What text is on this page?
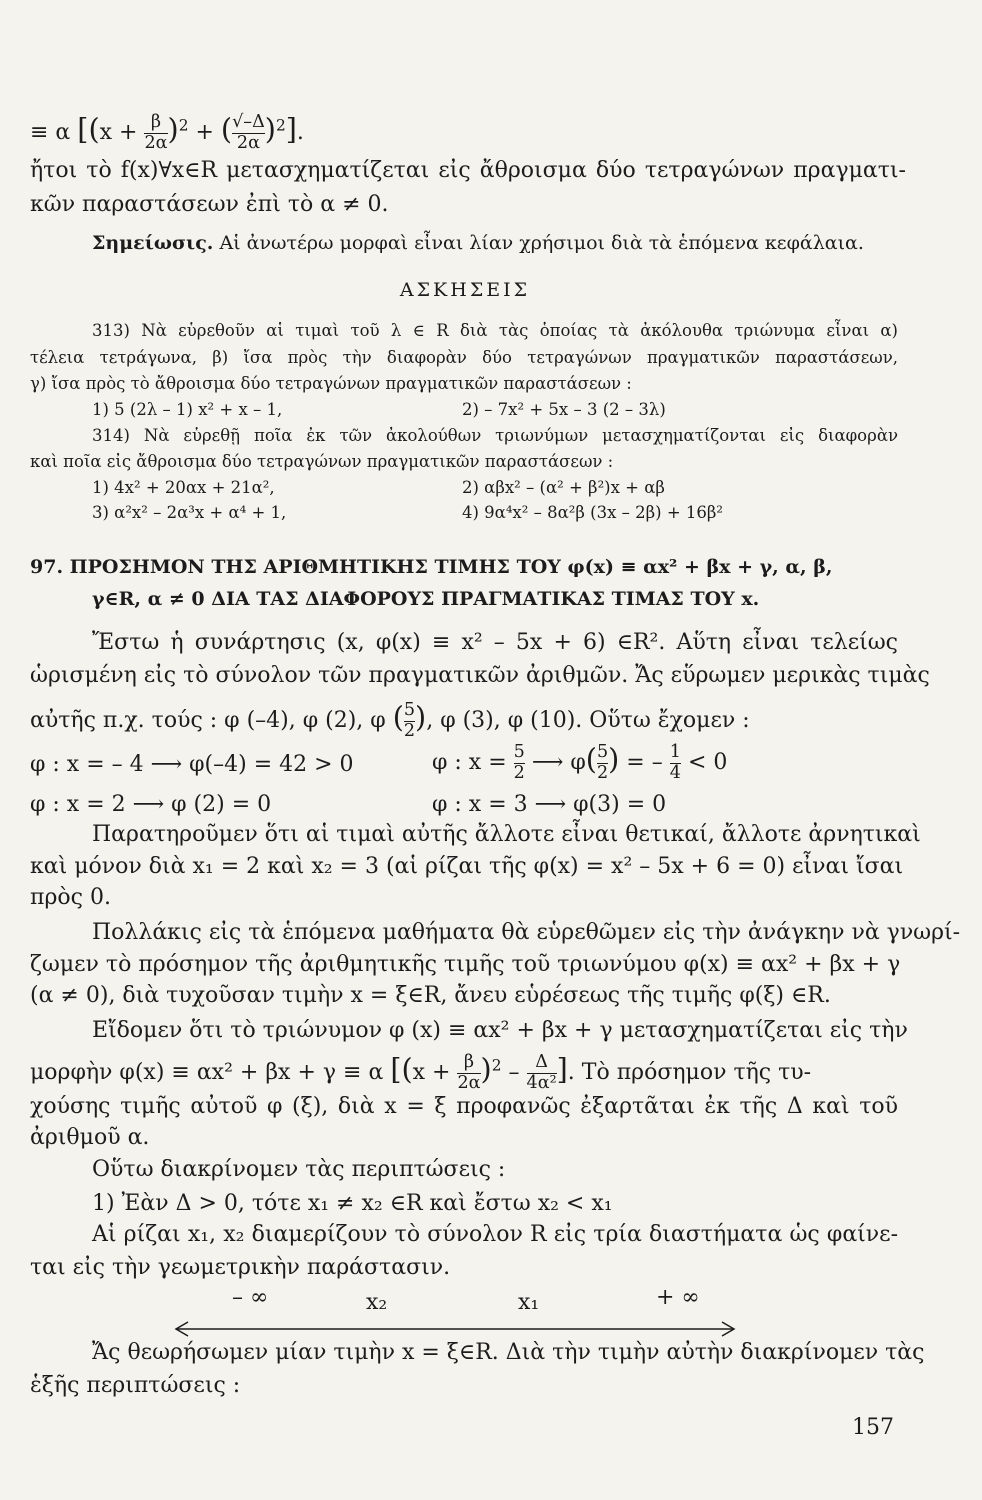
≡ α [$(x + \frac{\beta}{2\alpha} )^2$ + ( $\frac{√-\Delta}{2\alpha} )^2$].
ἤτοι τὸ f(x)∀x∈R μετασχηματίζεται εἰς ἄθροισμα δύο τετραγώνων πραγματι-
κῶν παραστάσεων ἐπὶ τὸ α ≠ 0.
Σημείωσις. Αἱ ἀνωτέρω μορφαὶ εἶναι λίαν χρήσιμοι διὰ τὰ ἑπόμενα κεφάλαια.
ΑΣΚΗΣΕΙΣ
313) Νὰ εὑρεθοῦν αἱ τιμαὶ τοῦ λ ∈ R διὰ τὰς ὁποίας τὰ ἀκόλουθα τριώνυμα εἶναι α)
τέλεια τετράγωνα, β) ἴσα πρὸς τὴν διαφορὰν δύο τετραγώνων πραγματικῶν παραστάσεων,
γ) ἴσα πρὸς τὸ ἄθροισμα δύο τετραγώνων πραγματικῶν παραστάσεων :
1) 5 (2λ – 1) x² + x – 1,	2) – 7x² + 5x – 3 (2 – 3λ)
314) Νὰ εὑρεθῇ ποῖα ἐκ τῶν ἀκολούθων τριωνύμων μετασχηματίζονται εἰς διαφορὰν
καὶ ποῖα εἰς ἄθροισμα δύο τετραγώνων πραγματικῶν παραστάσεων :
1) 4x² + 20αx + 21α²,	2) αβx² – (α² + β²)x + αβ
3) α²x² – 2α³x + α⁴ + 1,	4) 9α⁴x² – 8α²β (3x – 2β) + 16β²
97. ΠΡΟΣΗΜΟΝ ΤΗΣ ΑΡΙΘΜΗΤΙΚΗΣ ΤΙΜΗΣ ΤΟΥ φ(x) ≡ αx² + βx + γ, α, β,
γ∈R, α ≠ 0 ΔΙΑ ΤΑΣ ΔΙΑΦΟΡΟΥΣ ΠΡΑΓΜΑΤΙΚΑΣ ΤΙΜΑΣ ΤΟΥ x.
Ἔστω ἡ συνάρτησις (x, φ(x) ≡ x² – 5x + 6) ∈R². Αὕτη εἶναι τελείως
ὡρισμένη εἰς τὸ σύνολον τῶν πραγματικῶν ἀριθμῶν. Ἄς εὕρωμεν μερικὰς τιμὰς
αὐτῆς π.χ. τούς : φ (–4), φ (2), φ ( $\frac{5}{2}$ ), φ (3), φ (10). Οὕτω ἔχομεν :
φ : x = – 4 ⟶ φ(–4) = 42 > 0	φ : $x = \frac{5}{2}$ ⟶ $\varphi( \frac{5}{2}$ ) = – $\frac{1}{4} < 0$
φ : x = 2 ⟶ φ (2) = 0	φ : x = 3 ⟶ φ(3) = 0
Παρατηροῦμεν ὅτι αἱ τιμαὶ αὐτῆς ἄλλοτε εἶναι θετικαί, ἄλλοτε ἀρνητικαὶ
καὶ μόνον διὰ x₁ = 2 καὶ x₂ = 3 (αἱ ρίζαι τῆς φ(x) = x² – 5x + 6 = 0) εἶναι ἴσαι
πρὸς 0.
Πολλάκις εἰς τὰ ἑπόμενα μαθήματα θὰ εὑρεθῶμεν εἰς τὴν ἀνάγκην νὰ γνωρί-
ζωμεν τὸ πρόσημον τῆς ἀριθμητικῆς τιμῆς τοῦ τριωνύμου φ(x) ≡ αx² + βx + γ
(α ≠ 0), διὰ τυχοῦσαν τιμὴν x = ξ∈R, ἄνευ εὑρέσεως τῆς τιμῆς φ(ξ) ∈R.
Εἴδομεν ὅτι τὸ τριώνυμον φ (x) ≡ αx² + βx + γ μετασχηματίζεται εἰς τὴν
μορφὴν φ(x) ≡ αx² + βx + γ ≡ α [$(x + \frac{\beta}{2\alpha} )^2 - \frac{\Delta}{\text{4α²}}$ ]. Τὸ πρόσημον τῆς τυ-
χούσης τιμῆς αὐτοῦ φ (ξ), διὰ x = ξ προφανῶς ἐξαρτᾶται ἐκ τῆς Δ καὶ τοῦ
ἀριθμοῦ α.
Οὕτω διακρίνομεν τὰς περιπτώσεις :
1) Ἐὰν Δ > 0, τότε x₁ ≠ x₂ ∈R καὶ ἔστω x₂ < x₁
Αἱ ρίζαι x₁, x₂ διαμερίζουν τὸ σύνολον R εἰς τρία διαστήματα ὡς φαίνε-
ται εἰς τὴν γεωμετρικὴν παράστασιν.
– ∞	x₂	x₁	+ ∞
Ἄς θεωρήσωμεν μίαν τιμὴν x = ξ∈R. Διὰ τὴν τιμὴν αὐτὴν διακρίνομεν τὰς
ἑξῆς περιπτώσεις :
157
